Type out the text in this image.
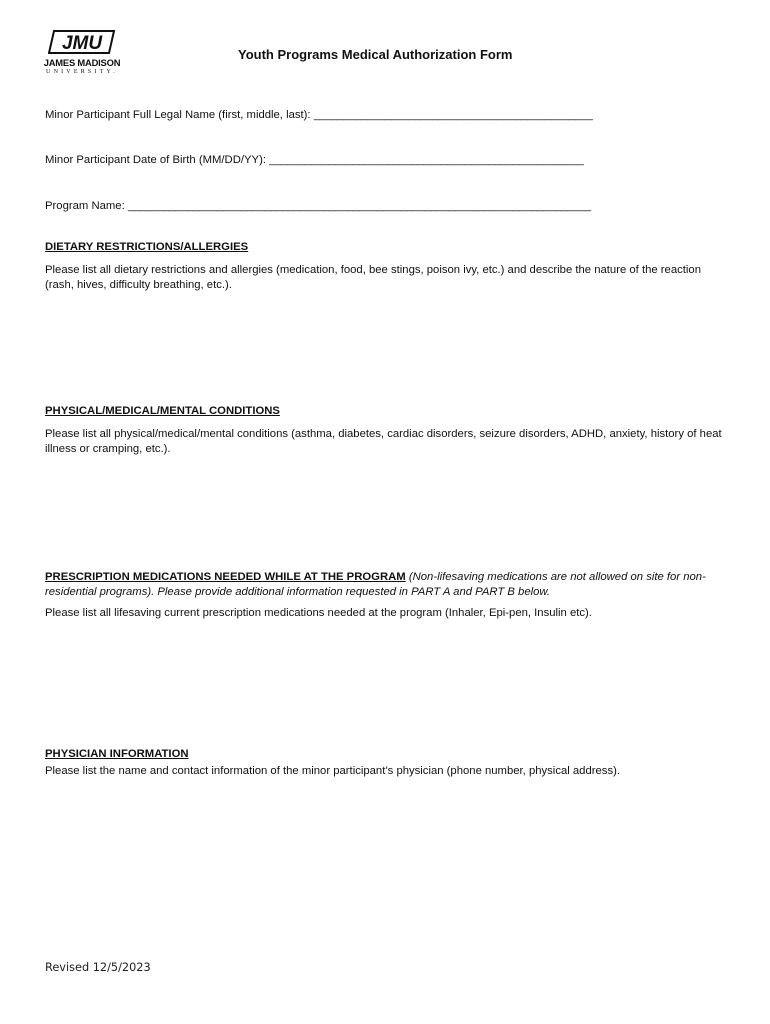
JMU
JAMES MADISON
UNIVERSITY.
Youth Programs Medical Authorization Form
Minor Participant Full Legal Name (first, middle, last): _______________________________________________
Minor Participant Date of Birth (MM/DD/YY): _____________________________________________________
Program Name: ______________________________________________________________________________
DIETARY RESTRICTIONS/ALLERGIES
Please list all dietary restrictions and allergies (medication, food, bee stings, poison ivy, etc.) and describe the nature of the reaction (rash, hives, difficulty breathing, etc.).
PHYSICAL/MEDICAL/MENTAL CONDITIONS
Please list all physical/medical/mental conditions (asthma, diabetes, cardiac disorders, seizure disorders, ADHD, anxiety, history of heat illness or cramping, etc.).
PRESCRIPTION MEDICATIONS NEEDED WHILE AT THE PROGRAM (Non-lifesaving medications are not allowed on site for non-residential programs). Please provide additional information requested in PART A and PART B below.
Please list all lifesaving current prescription medications needed at the program (Inhaler, Epi-pen, Insulin etc).
PHYSICIAN INFORMATION
Please list the name and contact information of the minor participant’s physician (phone number, physical address).
Revised 12/5/2023
